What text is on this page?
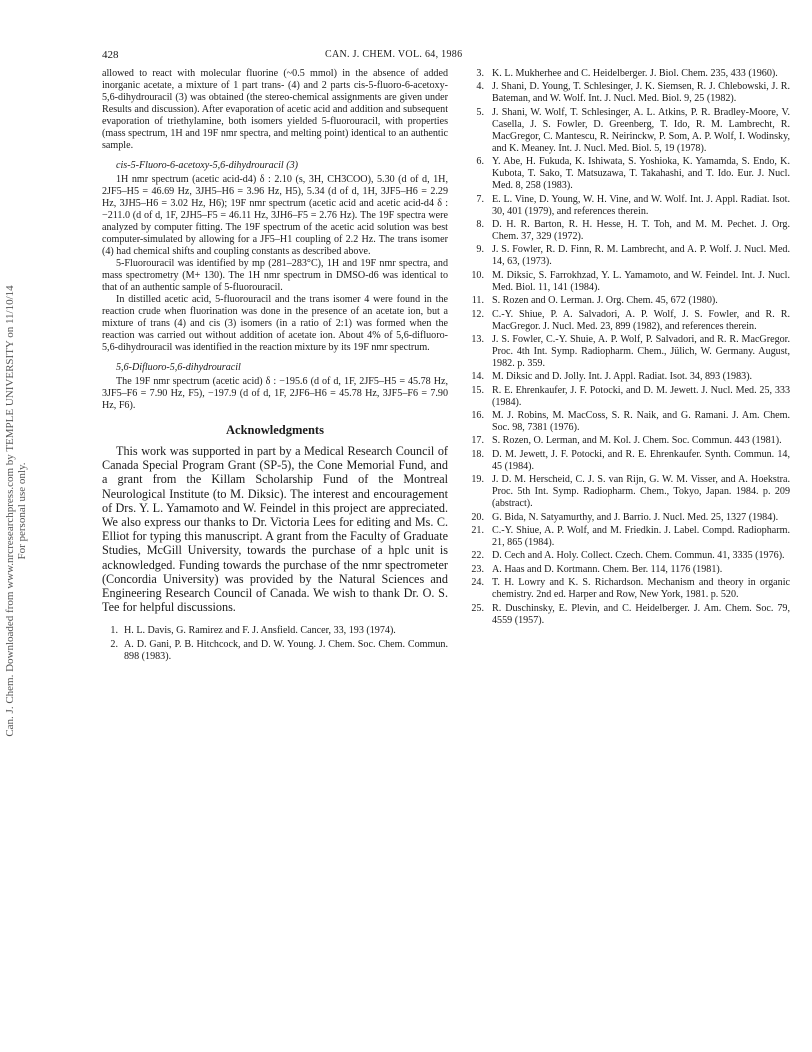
428	CAN. J. CHEM. VOL. 64, 1986
Can. J. Chem. Downloaded from www.nrcresearchpress.com by TEMPLE UNIVERSITY on 11/10/14 For personal use only.

allowed to react with molecular fluorine (~0.5 mmol) in the absence of added inorganic acetate, a mixture of 1 part trans- (4) and 2 parts cis-5-fluoro-6-acetoxy-5,6-dihydrouracil (3) was obtained (the stereo-chemical assignments are given under Results and discussion). After evaporation of acetic acid and addition and subsequent evaporation of triethylamine, both isomers yielded 5-fluorouracil, with properties (mass spectrum, 1H and 19F nmr spectra, and melting point) identical to an authentic sample.

cis-5-Fluoro-6-acetoxy-5,6-dihydrouracil (3)

1H nmr spectrum (acetic acid-d4) δ : 2.10 (s, 3H, CH3COO), 5.30 (d of d, 1H, 2JF5–H5 = 46.69 Hz, 3JH5–H6 = 3.96 Hz, H5), 5.34 (d of d, 1H, 3JF5–H6 = 2.29 Hz, 3JH5–H6 = 3.02 Hz, H6); 19F nmr spectrum (acetic acid and acetic acid-d4 δ : −211.0 (d of d, 1F, 2JH5–F5 = 46.11 Hz, 3JH6–F5 = 2.76 Hz). The 19F spectra were analyzed by computer fitting. The 19F spectrum of the acetic acid solution was best computer-simulated by allowing for a JF5–H1 coupling of 2.2 Hz. The trans isomer (4) had chemical shifts and coupling constants as described above.

5-Fluorouracil was identified by mp (281–283°C), 1H and 19F nmr spectra, and mass spectrometry (M+ 130). The 1H nmr spectrum in DMSO-d6 was identical to that of an authentic sample of 5-fluorouracil.

In distilled acetic acid, 5-fluorouracil and the trans isomer 4 were found in the reaction crude when fluorination was done in the presence of an acetate ion, but a mixture of trans (4) and cis (3) isomers (in a ratio of 2:1) was formed when the reaction was carried out without addition of acetate ion. About 4% of 5,6-difluoro-5,6-dihydrouracil was identified in the reaction mixture by its 19F nmr spectrum.

5,6-Difluoro-5,6-dihydrouracil

The 19F nmr spectrum (acetic acid) δ : −195.6 (d of d, 1F, 2JF5–H5 = 45.78 Hz, 3JF5–F6 = 7.90 Hz, F5), −197.9 (d of d, 1F, 2JF6–H6 = 45.78 Hz, 3JF5–F6 = 7.90 Hz, F6).

Acknowledgments

This work was supported in part by a Medical Research Council of Canada Special Program Grant (SP-5), the Cone Memorial Fund, and a grant from the Killam Scholarship Fund of the Montreal Neurological Institute (to M. Diksic). The interest and encouragement of Drs. Y. L. Yamamoto and W. Feindel in this project are appreciated. We also express our thanks to Dr. Victoria Lees for editing and Ms. C. Elliot for typing this manuscript. A grant from the Faculty of Graduate Studies, McGill University, towards the purchase of a hplc unit is acknowledged. Funding towards the purchase of the nmr spectrometer (Concordia University) was provided by the Natural Sciences and Engineering Research Council of Canada. We wish to thank Dr. O. S. Tee for helpful discussions.

1. H. L. Davis, G. Ramirez and F. J. Ansfield. Cancer, 33, 193 (1974).
2. A. D. Gani, P. B. Hitchcock, and D. W. Young. J. Chem. Soc. Chem. Commun. 898 (1983).
3. K. L. Mukherhee and C. Heidelberger. J. Biol. Chem. 235, 433 (1960).
4. J. Shani, D. Young, T. Schlesinger, J. K. Siemsen, R. J. Chlebowski, J. R. Bateman, and W. Wolf. Int. J. Nucl. Med. Biol. 9, 25 (1982).
5. J. Shani, W. Wolf, T. Schlesinger, A. L. Atkins, P. R. Bradley-Moore, V. Casella, J. S. Fowler, D. Greenberg, T. Ido, R. M. Lambrecht, R. MacGregor, C. Mantescu, R. Neirinckw, P. Som, A. P. Wolf, I. Wodinsky, and K. Meaney. Int. J. Nucl. Med. Biol. 5, 19 (1978).
6. Y. Abe, H. Fukuda, K. Ishiwata, S. Yoshioka, K. Yamamda, S. Endo, K. Kubota, T. Sako, T. Matsuzawa, T. Takahashi, and T. Ido. Eur. J. Nucl. Med. 8, 258 (1983).
7. E. L. Vine, D. Young, W. H. Vine, and W. Wolf. Int. J. Appl. Radiat. Isot. 30, 401 (1979), and references therein.
8. D. H. R. Barton, R. H. Hesse, H. T. Toh, and M. M. Pechet. J. Org. Chem. 37, 329 (1972).
9. J. S. Fowler, R. D. Finn, R. M. Lambrecht, and A. P. Wolf. J. Nucl. Med. 14, 63, (1973).
10. M. Diksic, S. Farrokhzad, Y. L. Yamamoto, and W. Feindel. Int. J. Nucl. Med. Biol. 11, 141 (1984).
11. S. Rozen and O. Lerman. J. Org. Chem. 45, 672 (1980).
12. C.-Y. Shiue, P. A. Salvadori, A. P. Wolf, J. S. Fowler, and R. R. MacGregor. J. Nucl. Med. 23, 899 (1982), and references therein.
13. J. S. Fowler, C.-Y. Shuie, A. P. Wolf, P. Salvadori, and R. R. MacGregor. Proc. 4th Int. Symp. Radiopharm. Chem., Jülich, W. Germany. August, 1982. p. 359.
14. M. Diksic and D. Jolly. Int. J. Appl. Radiat. Isot. 34, 893 (1983).
15. R. E. Ehrenkaufer, J. F. Potocki, and D. M. Jewett. J. Nucl. Med. 25, 333 (1984).
16. M. J. Robins, M. MacCoss, S. R. Naik, and G. Ramani. J. Am. Chem. Soc. 98, 7381 (1976).
17. S. Rozen, O. Lerman, and M. Kol. J. Chem. Soc. Commun. 443 (1981).
18. D. M. Jewett, J. F. Potocki, and R. E. Ehrenkaufer. Synth. Commun. 14, 45 (1984).
19. J. D. M. Herscheid, C. J. S. van Rijn, G. W. M. Visser, and A. Hoekstra. Proc. 5th Int. Symp. Radiopharm. Chem., Tokyo, Japan. 1984. p. 209 (abstract).
20. G. Bida, N. Satyamurthy, and J. Barrio. J. Nucl. Med. 25, 1327 (1984).
21. C.-Y. Shiue, A. P. Wolf, and M. Friedkin. J. Label. Compd. Radiopharm. 21, 865 (1984).
22. D. Cech and A. Holy. Collect. Czech. Chem. Commun. 41, 3335 (1976).
23. A. Haas and D. Kortmann. Chem. Ber. 114, 1176 (1981).
24. T. H. Lowry and K. S. Richardson. Mechanism and theory in organic chemistry. 2nd ed. Harper and Row, New York, 1981. p. 520.
25. R. Duschinsky, E. Plevin, and C. Heidelberger. J. Am. Chem. Soc. 79, 4559 (1957).
